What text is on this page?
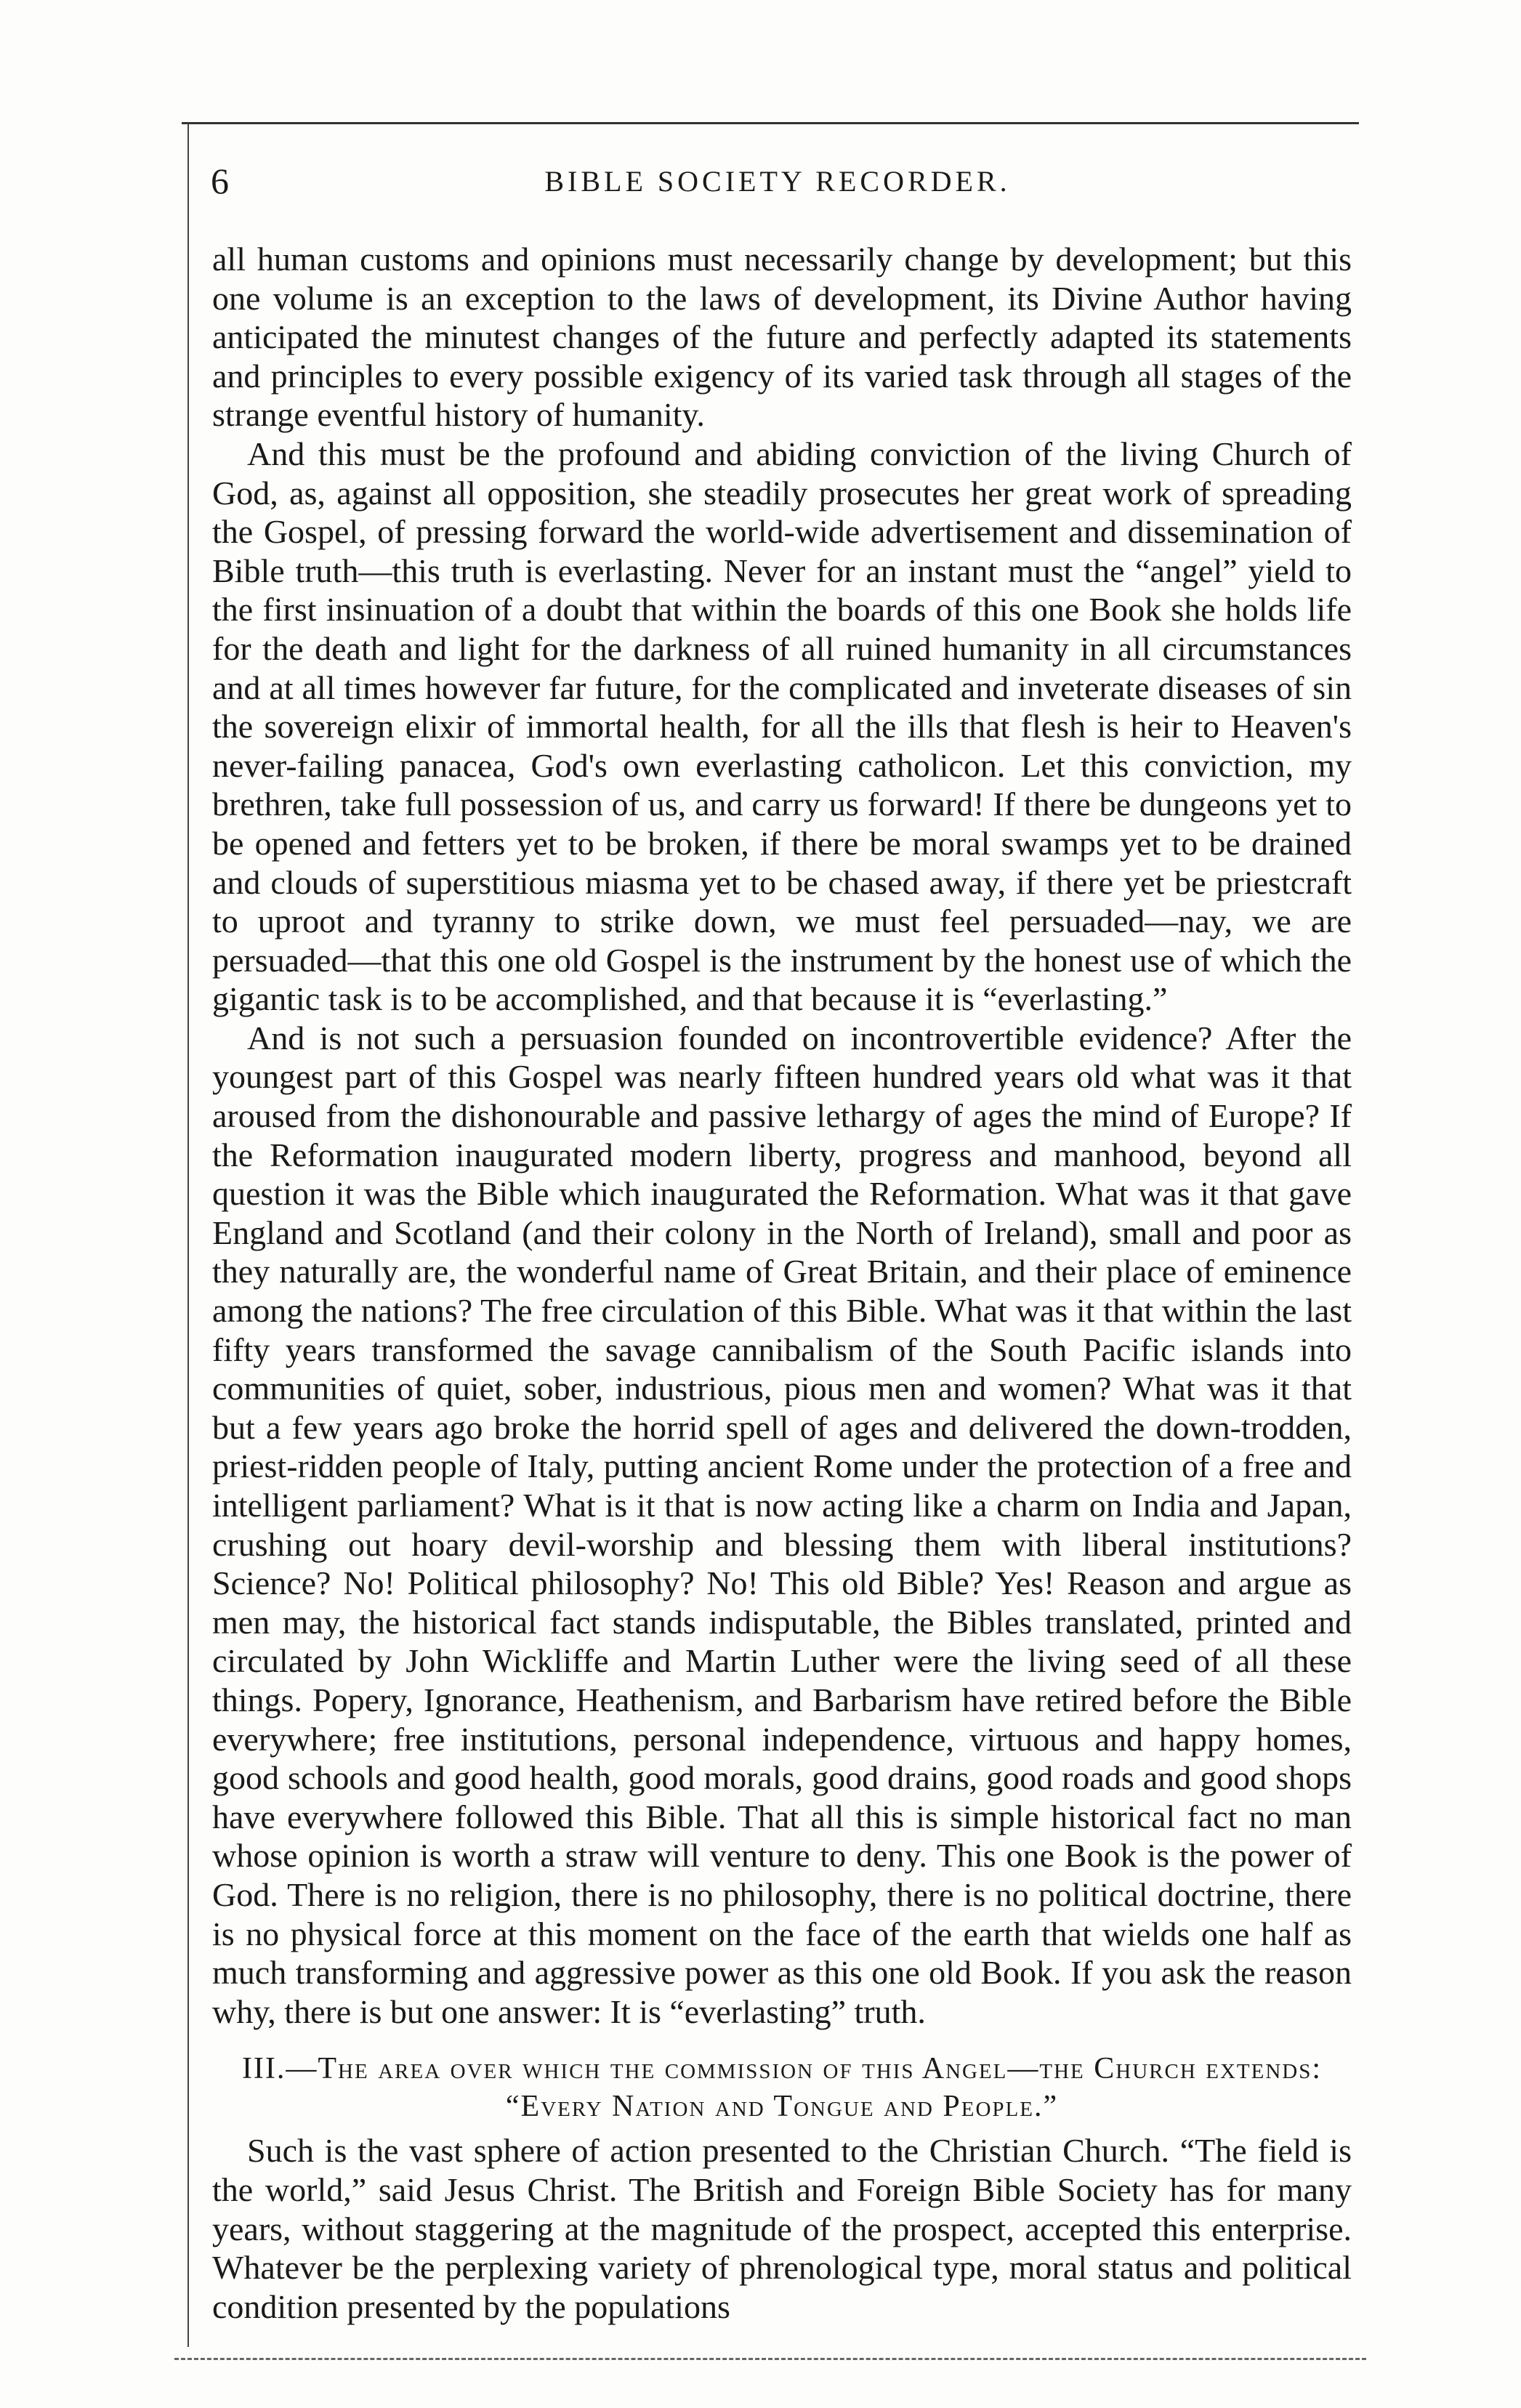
6	BIBLE SOCIETY RECORDER.

all human customs and opinions must necessarily change by development; but this one volume is an exception to the laws of development, its Divine Author having anticipated the minutest changes of the future and perfectly adapted its statements and principles to every possible exigency of its varied task through all stages of the strange eventful history of humanity.

And this must be the profound and abiding conviction of the living Church of God, as, against all opposition, she steadily prosecutes her great work of spreading the Gospel, of pressing forward the world-wide advertisement and dissemination of Bible truth—this truth is everlasting. Never for an instant must the “angel” yield to the first insinuation of a doubt that within the boards of this one Book she holds life for the death and light for the darkness of all ruined humanity in all circumstances and at all times however far future, for the complicated and inveterate diseases of sin the sovereign elixir of immortal health, for all the ills that flesh is heir to Heaven's never-failing panacea, God's own everlasting catholicon. Let this conviction, my brethren, take full possession of us, and carry us forward! If there be dungeons yet to be opened and fetters yet to be broken, if there be moral swamps yet to be drained and clouds of superstitious miasma yet to be chased away, if there yet be priestcraft to uproot and tyranny to strike down, we must feel persuaded—nay, we are persuaded—that this one old Gospel is the instrument by the honest use of which the gigantic task is to be accomplished, and that because it is “everlasting.”

And is not such a persuasion founded on incontrovertible evidence? After the youngest part of this Gospel was nearly fifteen hundred years old what was it that aroused from the dishonourable and passive lethargy of ages the mind of Europe? If the Reformation inaugurated modern liberty, progress and manhood, beyond all question it was the Bible which inaugurated the Reformation. What was it that gave England and Scotland (and their colony in the North of Ireland), small and poor as they naturally are, the wonderful name of Great Britain, and their place of eminence among the nations? The free circulation of this Bible. What was it that within the last fifty years transformed the savage cannibalism of the South Pacific islands into communities of quiet, sober, industrious, pious men and women? What was it that but a few years ago broke the horrid spell of ages and delivered the down-trodden, priest-ridden people of Italy, putting ancient Rome under the protection of a free and intelligent parliament? What is it that is now acting like a charm on India and Japan, crushing out hoary devil-worship and blessing them with liberal institutions? Science? No! Political philosophy? No! This old Bible? Yes! Reason and argue as men may, the historical fact stands indisputable, the Bibles translated, printed and circulated by John Wickliffe and Martin Luther were the living seed of all these things. Popery, Ignorance, Heathenism, and Barbarism have retired before the Bible everywhere; free institutions, personal independence, virtuous and happy homes, good schools and good health, good morals, good drains, good roads and good shops have everywhere followed this Bible. That all this is simple historical fact no man whose opinion is worth a straw will venture to deny. This one Book is the power of God. There is no religion, there is no philosophy, there is no political doctrine, there is no physical force at this moment on the face of the earth that wields one half as much transforming and aggressive power as this one old Book. If you ask the reason why, there is but one answer: It is “everlasting” truth.

III.—The area over which the commission of this Angel—the Church extends: “Every Nation and Tongue and People.”

Such is the vast sphere of action presented to the Christian Church. “The field is the world,” said Jesus Christ. The British and Foreign Bible Society has for many years, without staggering at the magnitude of the prospect, accepted this enterprise. Whatever be the perplexing variety of phrenological type, moral status and political condition presented by the populations
